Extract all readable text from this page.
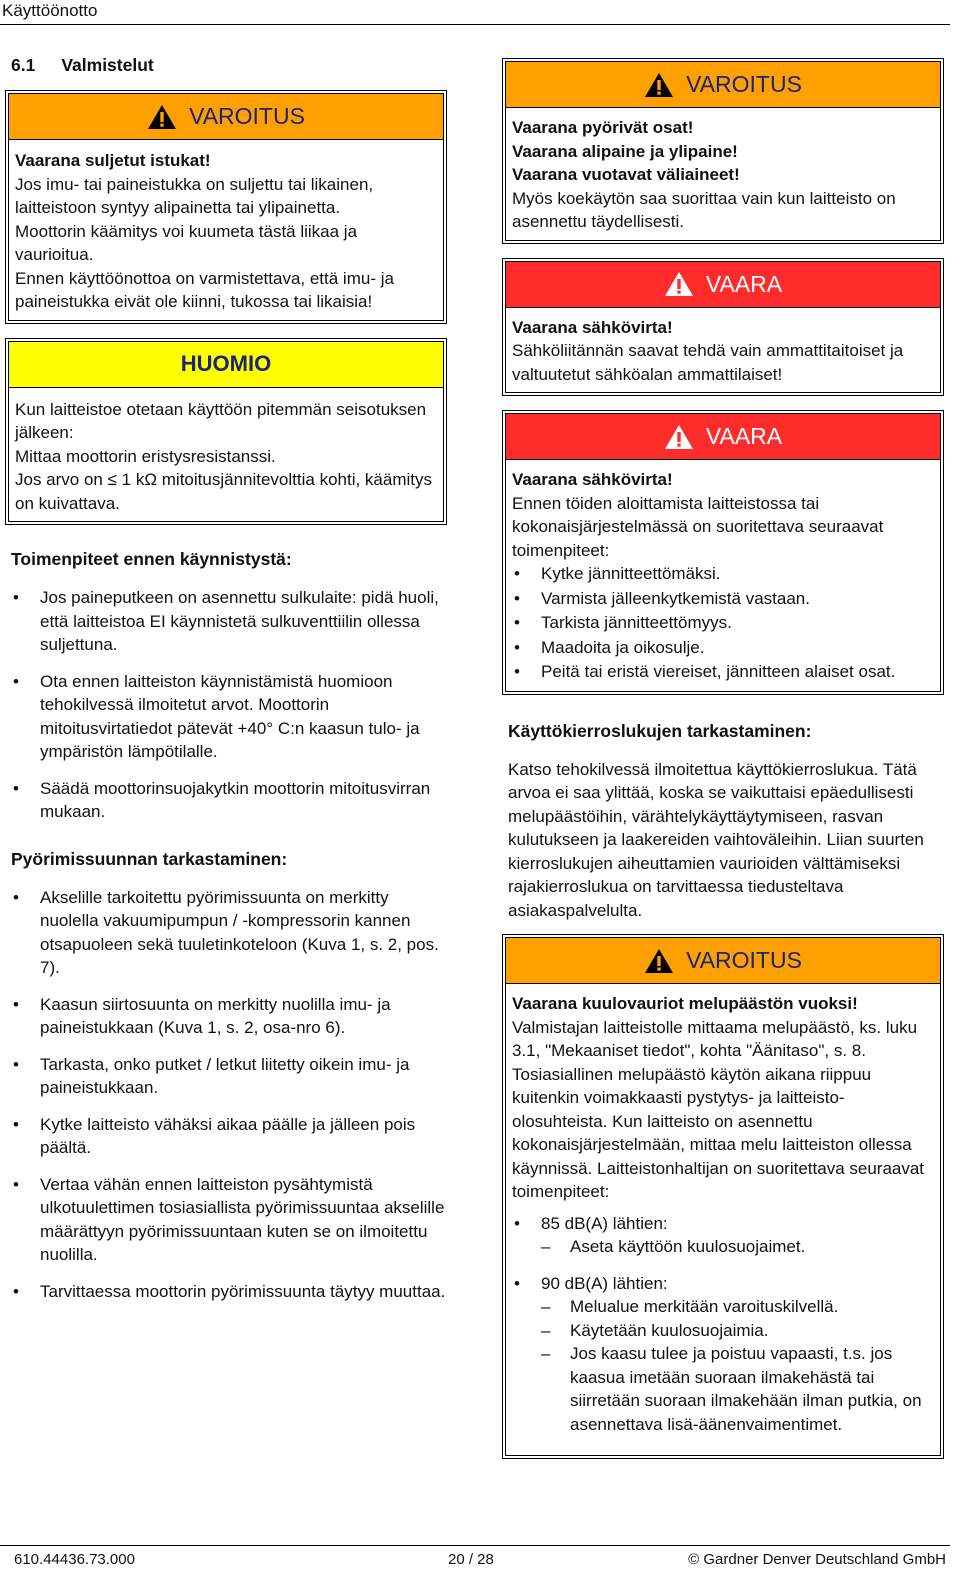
Käyttöönotto
6.1 Valmistelut
VAROITUS
Vaarana suljetut istukat!
Jos imu- tai paineistukka on suljettu tai likainen, laitteistoon syntyy alipainetta tai ylipainetta.
Moottorin käämitys voi kuumeta tästä liikaa ja vaurioitua.
Ennen käyttöönottoa on varmistettava, että imu- ja paineistukka eivät ole kiinni, tukossa tai likaisia!
HUOMIO
Kun laitteistoe otetaan käyttöön pitemmän seisotuksen jälkeen:
Mittaa moottorin eristysresistanssi.
Jos arvo on ≤ 1 kΩ mitoitusjännitevolttia kohti, käämitys on kuivattava.
Toimenpiteet ennen käynnistystä:
• Jos paineputkeen on asennettu sulkulaite: pidä huoli, että laitteistoa EI käynnistetä sulkuventtiilin ollessa suljettuna.
• Ota ennen laitteiston käynnistämistä huomioon tehokilvessä ilmoitetut arvot. Moottorin mitoitusvirtatiedot pätevät +40° C:n kaasun tulo- ja ympäristön lämpötilalle.
• Säädä moottorinsuojakytkin moottorin mitoitusvirran mukaan.
Pyörimissuunnan tarkastaminen:
• Akselille tarkoitettu pyörimissuunta on merkitty nuolella vakuumipumpun / -kompressorin kannen otsapuoleen sekä tuuletinkoteloon (Kuva 1, s. 2, pos. 7).
• Kaasun siirtosuunta on merkitty nuolilla imu- ja paineistukkaan (Kuva 1, s. 2, osa-nro 6).
• Tarkasta, onko putket / letkut liitetty oikein imu- ja paineistukkaan.
• Kytke laitteisto vähäksi aikaa päälle ja jälleen pois päältä.
• Vertaa vähän ennen laitteiston pysähtymistä ulkotuulettimen tosiasiallista pyörimissuuntaa akselille määrättyyn pyörimissuuntaan kuten se on ilmoitettu nuolilla.
• Tarvittaessa moottorin pyörimissuunta täytyy muuttaa.
VAROITUS
Vaarana pyörivät osat!
Vaarana alipaine ja ylipaine!
Vaarana vuotavat väliaineet!
Myös koekäytön saa suorittaa vain kun laitteisto on asennettu täydellisesti.
VAARA
Vaarana sähkövirta!
Sähköliitännän saavat tehdä vain ammattitaitoiset ja valtuutetut sähköalan ammattilaiset!
VAARA
Vaarana sähkövirta!
Ennen töiden aloittamista laitteistossa tai kokonaisjärjestelmässä on suoritettava seuraavat toimenpiteet:
• Kytke jännitteettömäksi.
• Varmista jälleenkytkemistä vastaan.
• Tarkista jännitteettömyys.
• Maadoita ja oikosulje.
• Peitä tai eristä viereiset, jännitteen alaiset osat.
Käyttökierroslukujen tarkastaminen:
Katso tehokilvessä ilmoitettua käyttökierroslukua. Tätä arvoa ei saa ylittää, koska se vaikuttaisi epäedullisesti melupäästöihin, värähtelykäyttäytymiseen, rasvan kulutukseen ja laakereiden vaihtoväleihin. Liian suurten kierroslukujen aiheuttamien vaurioiden välttämiseksi rajakierroslukua on tarvittaessa tiedusteltava asiakaspalvelulta.
VAROITUS
Vaarana kuulovauriot melupäästön vuoksi!
Valmistajan laitteistolle mittaama melupäästö, ks. luku 3.1, "Mekaaniset tiedot", kohta "Äänitaso", s. 8.
Tosiasiallinen melupäästö käytön aikana riippuu kuitenkin voimakkaasti pystytys- ja laitteisto-olosuhteista. Kun laitteisto on asennettu kokonaisjärjestelmään, mittaa melu laitteiston ollessa käynnissä. Laitteistonhaltijan on suoritettava seuraavat toimenpiteet:
• 85 dB(A) lähtien:
– Aseta käyttöön kuulosuojaimet.
• 90 dB(A) lähtien:
– Melualue merkitään varoituskilvellä.
– Käytetään kuulosuojaimia.
– Jos kaasu tulee ja poistuu vapaasti, t.s. jos kaasua imetään suoraan ilmakehästä tai siirretään suoraan ilmakehään ilman putkia, on asennettava lisä-äänenvaimentimet.
610.44436.73.000	20 / 28	© Gardner Denver Deutschland GmbH
